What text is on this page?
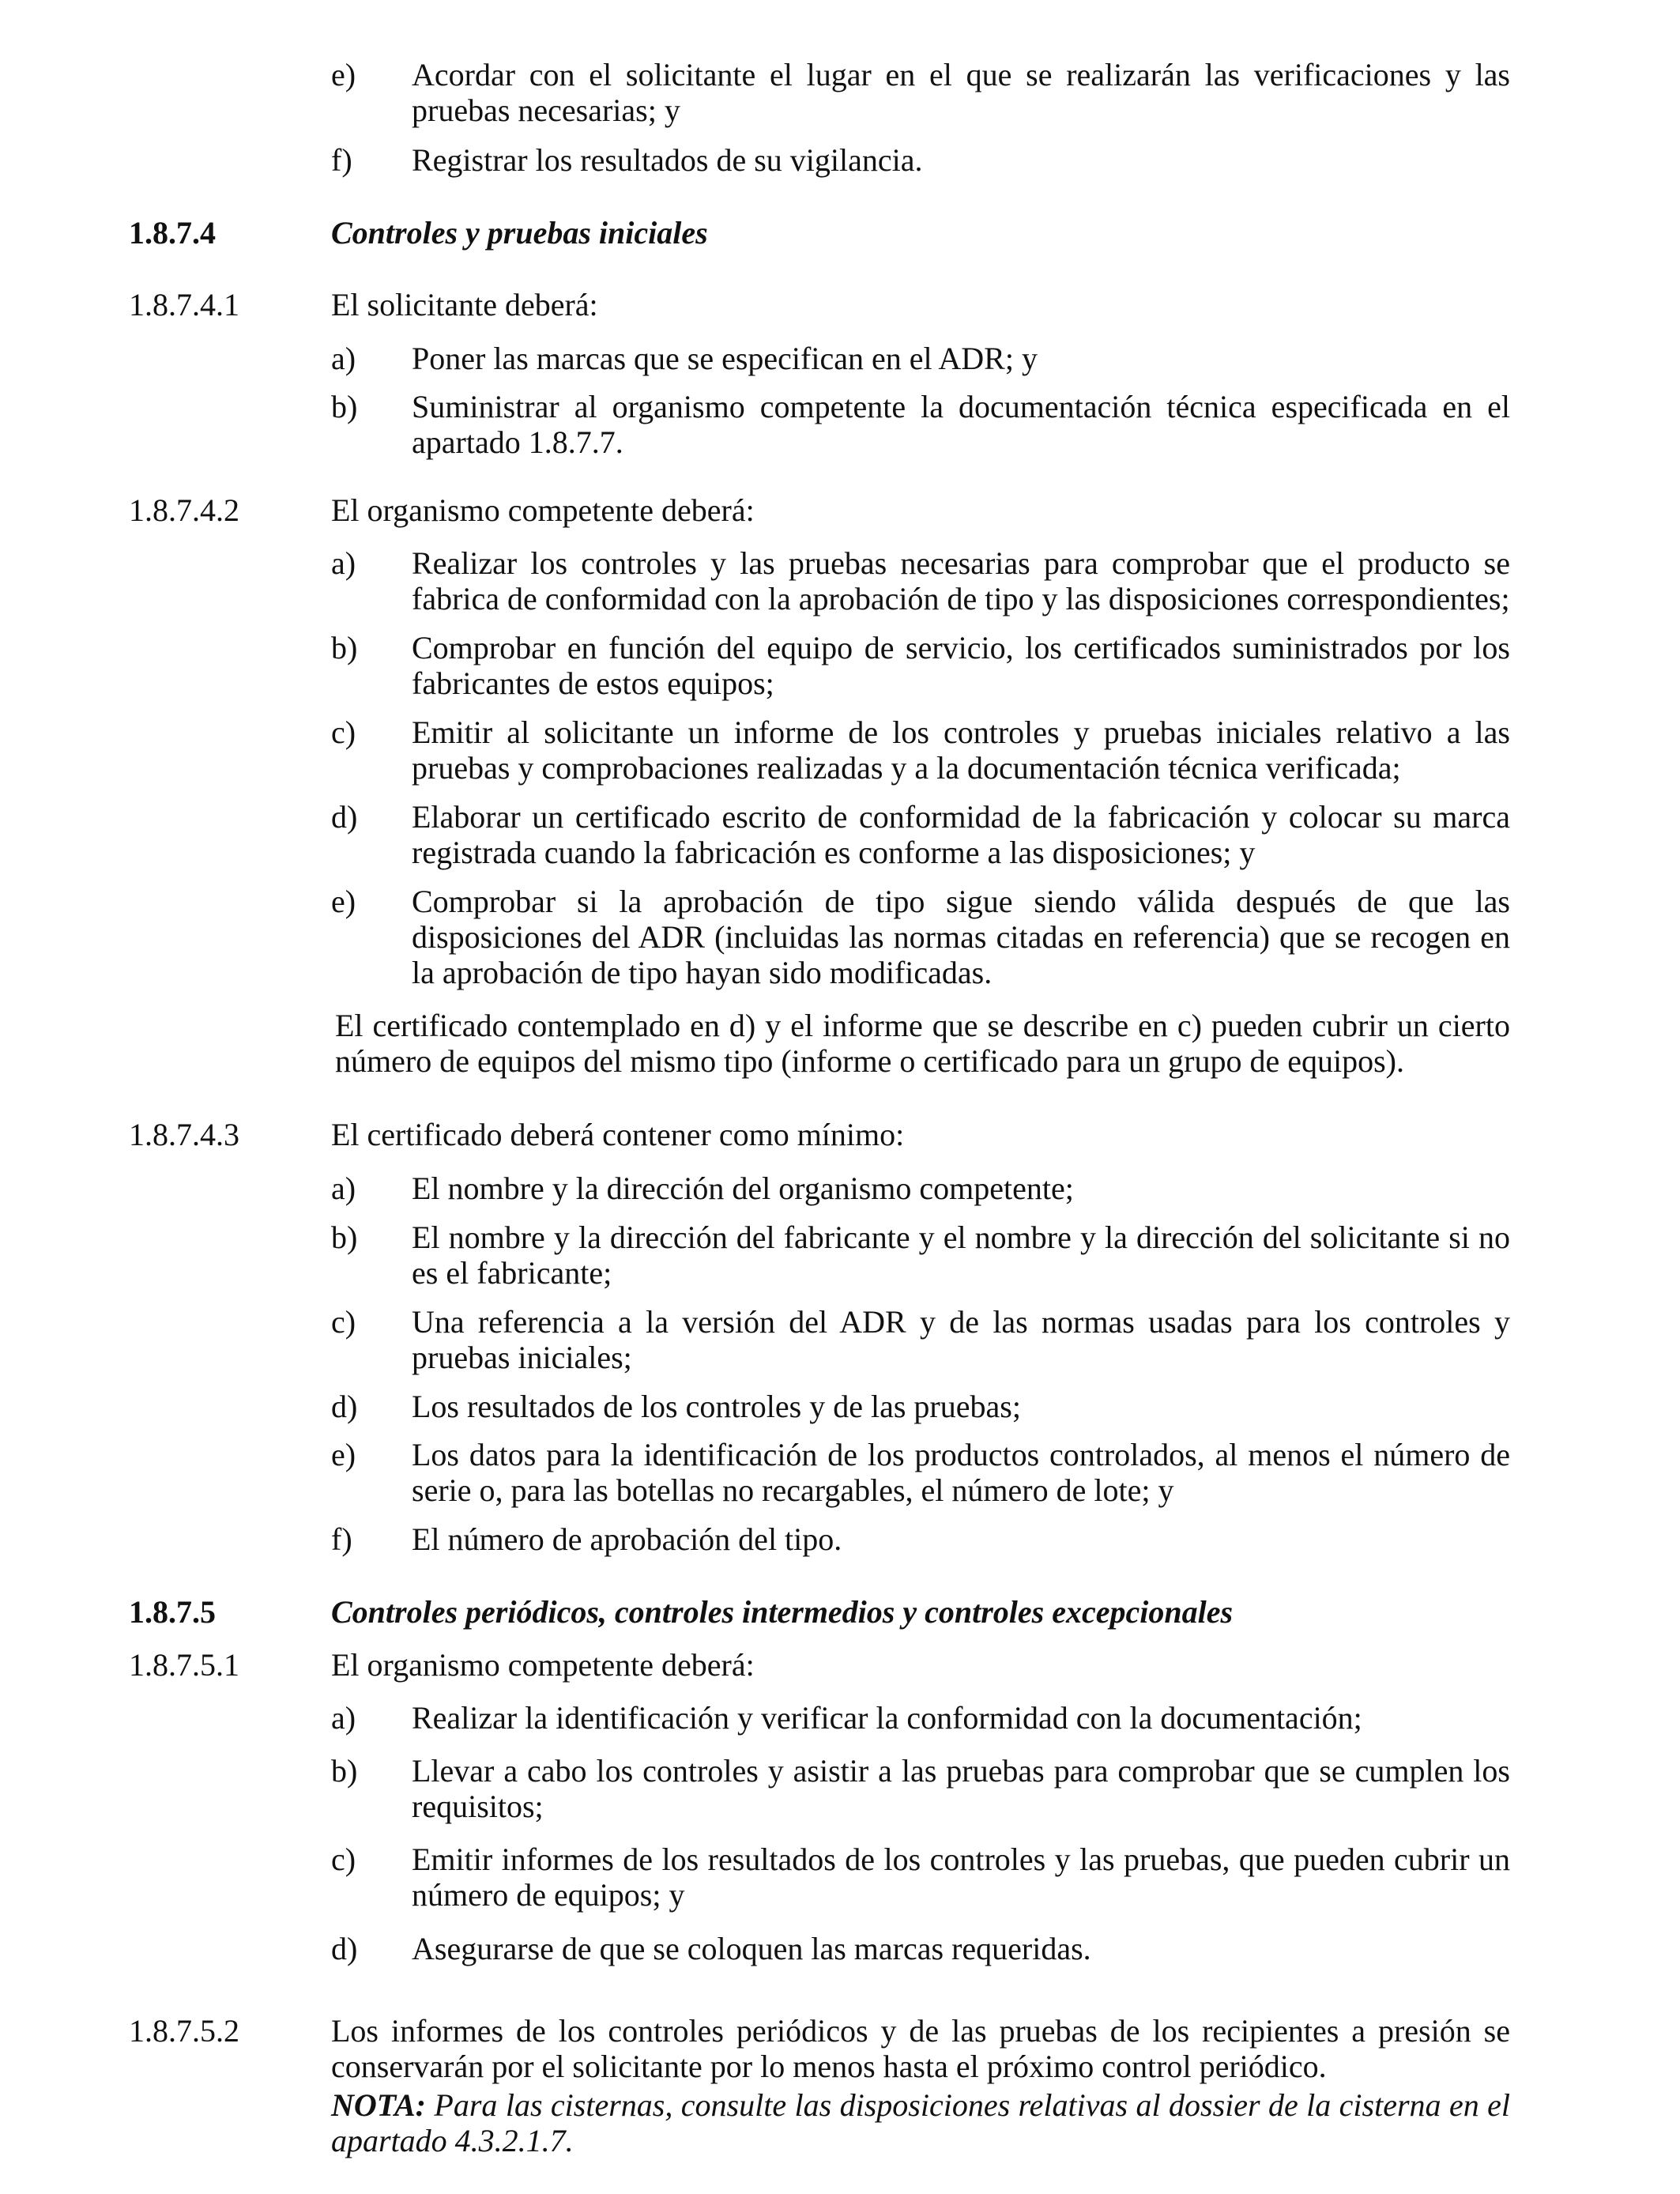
e) Acordar con el solicitante el lugar en el que se realizarán las verificaciones y las pruebas necesarias; y
f) Registrar los resultados de su vigilancia.
1.8.7.4	Controles y pruebas iniciales
1.8.7.4.1	El solicitante deberá:
a) Poner las marcas que se especifican en el ADR; y
b) Suministrar al organismo competente la documentación técnica especificada en el apartado 1.8.7.7.
1.8.7.4.2	El organismo competente deberá:
a) Realizar los controles y las pruebas necesarias para comprobar que el producto se fabrica de conformidad con la aprobación de tipo y las disposiciones correspondientes;
b) Comprobar en función del equipo de servicio, los certificados suministrados por los fabricantes de estos equipos;
c) Emitir al solicitante un informe de los controles y pruebas iniciales relativo a las pruebas y comprobaciones realizadas y a la documentación técnica verificada;
d) Elaborar un certificado escrito de conformidad de la fabricación y colocar su marca registrada cuando la fabricación es conforme a las disposiciones; y
e) Comprobar si la aprobación de tipo sigue siendo válida después de que las disposiciones del ADR (incluidas las normas citadas en referencia) que se recogen en la aprobación de tipo hayan sido modificadas.
El certificado contemplado en d) y el informe que se describe en c) pueden cubrir un cierto número de equipos del mismo tipo (informe o certificado para un grupo de equipos).
1.8.7.4.3	El certificado deberá contener como mínimo:
a) El nombre y la dirección del organismo competente;
b) El nombre y la dirección del fabricante y el nombre y la dirección del solicitante si no es el fabricante;
c) Una referencia a la versión del ADR y de las normas usadas para los controles y pruebas iniciales;
d) Los resultados de los controles y de las pruebas;
e) Los datos para la identificación de los productos controlados, al menos el número de serie o, para las botellas no recargables, el número de lote; y
f) El número de aprobación del tipo.
1.8.7.5	Controles periódicos, controles intermedios y controles excepcionales
1.8.7.5.1	El organismo competente deberá:
a) Realizar la identificación y verificar la conformidad con la documentación;
b) Llevar a cabo los controles y asistir a las pruebas para comprobar que se cumplen los requisitos;
c) Emitir informes de los resultados de los controles y las pruebas, que pueden cubrir un número de equipos; y
d) Asegurarse de que se coloquen las marcas requeridas.
1.8.7.5.2	Los informes de los controles periódicos y de las pruebas de los recipientes a presión se conservarán por el solicitante por lo menos hasta el próximo control periódico.
NOTA: Para las cisternas, consulte las disposiciones relativas al dossier de la cisterna en el apartado 4.3.2.1.7.
